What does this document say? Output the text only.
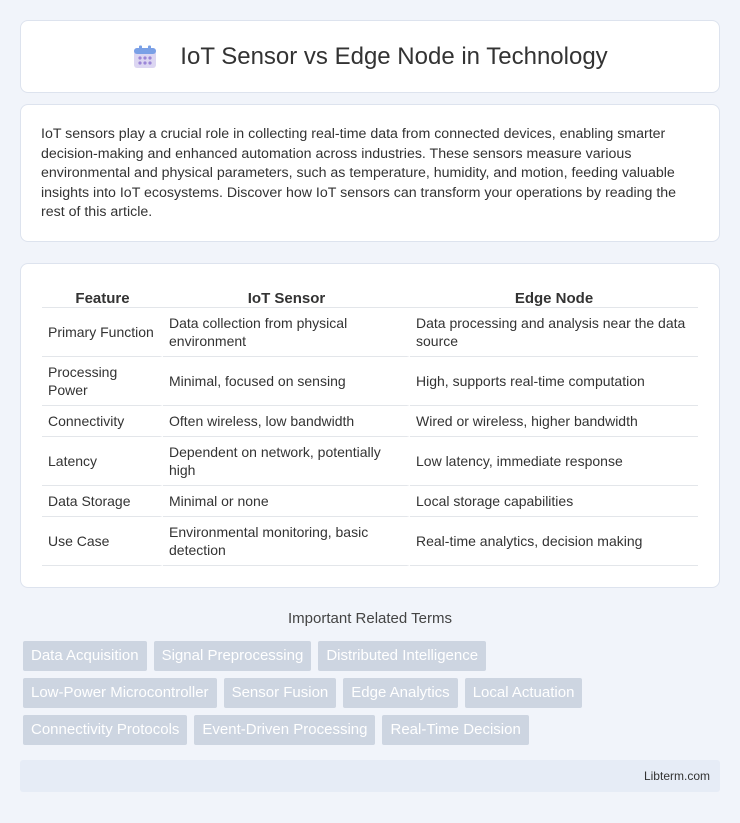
IoT Sensor vs Edge Node in Technology

IoT sensors play a crucial role in collecting real-time data from connected devices, enabling smarter decision-making and enhanced automation across industries. These sensors measure various environmental and physical parameters, such as temperature, humidity, and motion, feeding valuable insights into IoT ecosystems. Discover how IoT sensors can transform your operations by reading the rest of this article.

Feature	IoT Sensor	Edge Node
Primary Function	Data collection from physical environment	Data processing and analysis near the data source
Processing Power	Minimal, focused on sensing	High, supports real-time computation
Connectivity	Often wireless, low bandwidth	Wired or wireless, higher bandwidth
Latency	Dependent on network, potentially high	Low latency, immediate response
Data Storage	Minimal or none	Local storage capabilities
Use Case	Environmental monitoring, basic detection	Real-time analytics, decision making
Important Related Terms
Data Acquisition	Signal Preprocessing	Distributed Intelligence
Low-Power Microcontroller	Sensor Fusion	Edge Analytics	Local Actuation
Connectivity Protocols	Event-Driven Processing	Real-Time Decision
Libterm.com
